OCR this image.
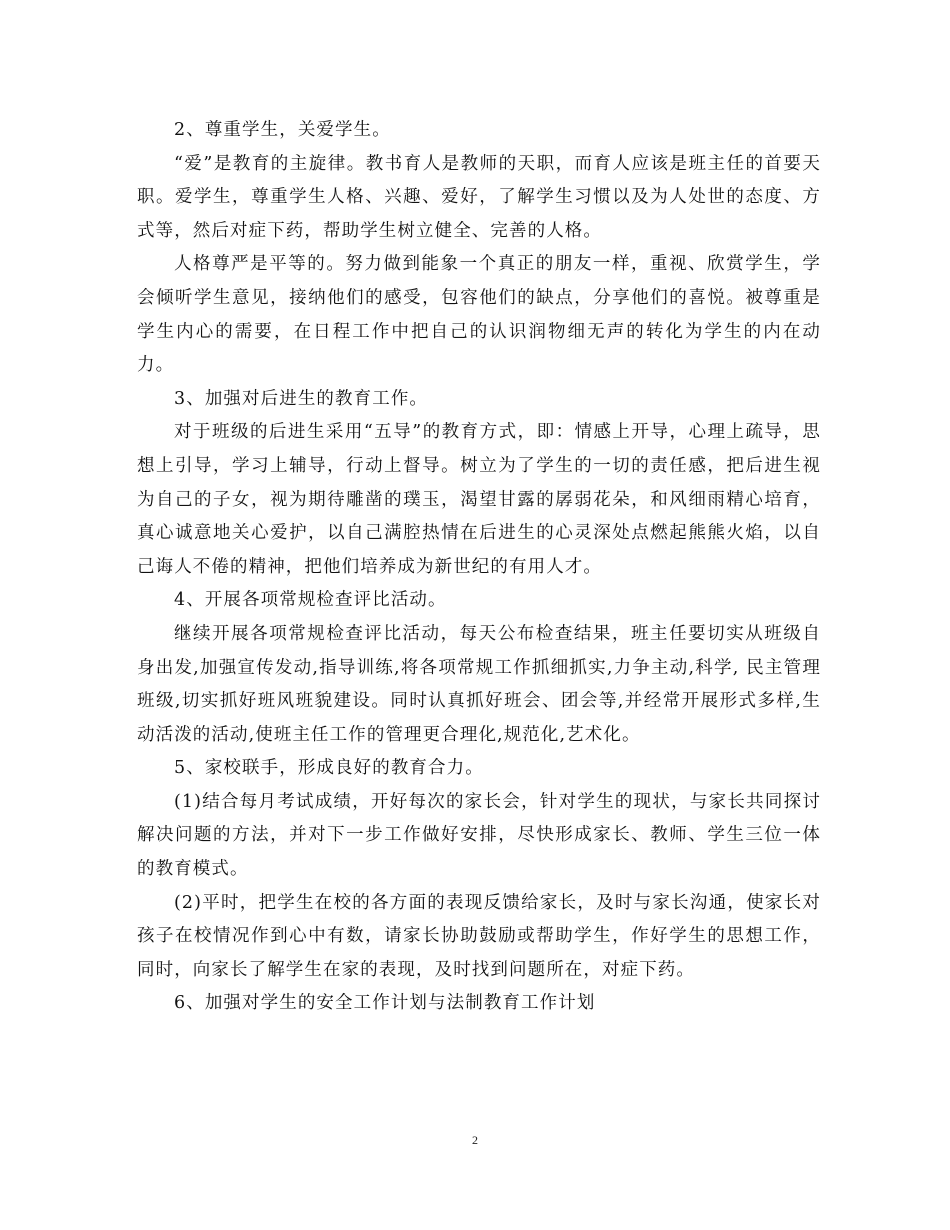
2、尊重学生，关爱学生。

“爱”是教育的主旋律。教书育人是教师的天职，而育人应该是班主任的首要天职。爱学生，尊重学生人格、兴趣、爱好，了解学生习惯以及为人处世的态度、方式等，然后对症下药，帮助学生树立健全、完善的人格。

人格尊严是平等的。努力做到能象一个真正的朋友一样，重视、欣赏学生，学会倾听学生意见，接纳他们的感受，包容他们的缺点，分享他们的喜悦。被尊重是学生内心的需要，在日程工作中把自己的认识润物细无声的转化为学生的内在动力。

3、加强对后进生的教育工作。

对于班级的后进生采用“五导”的教育方式，即：情感上开导，心理上疏导，思想上引导，学习上辅导，行动上督导。树立为了学生的一切的责任感，把后进生视为自己的子女，视为期待雕凿的璞玉，渴望甘露的孱弱花朵，和风细雨精心培育，真心诚意地关心爱护，以自己满腔热情在后进生的心灵深处点燃起熊熊火焰，以自己诲人不倦的精神，把他们培养成为新世纪的有用人才。

4、开展各项常规检查评比活动。

继续开展各项常规检查评比活动，每天公布检查结果，班主任要切实从班级自身出发,加强宣传发动,指导训练,将各项常规工作抓细抓实,力争主动,科学, 民主管理班级,切实抓好班风班貌建设。同时认真抓好班会、团会等,并经常开展形式多样,生动活泼的活动,使班主任工作的管理更合理化,规范化,艺术化。

5、家校联手，形成良好的教育合力。

(1)结合每月考试成绩，开好每次的家长会，针对学生的现状，与家长共同探讨解决问题的方法，并对下一步工作做好安排，尽快形成家长、教师、学生三位一体的教育模式。

(2)平时，把学生在校的各方面的表现反馈给家长，及时与家长沟通，使家长对孩子在校情况作到心中有数，请家长协助鼓励或帮助学生，作好学生的思想工作，同时，向家长了解学生在家的表现，及时找到问题所在，对症下药。

6、加强对学生的安全工作计划与法制教育工作计划

2
